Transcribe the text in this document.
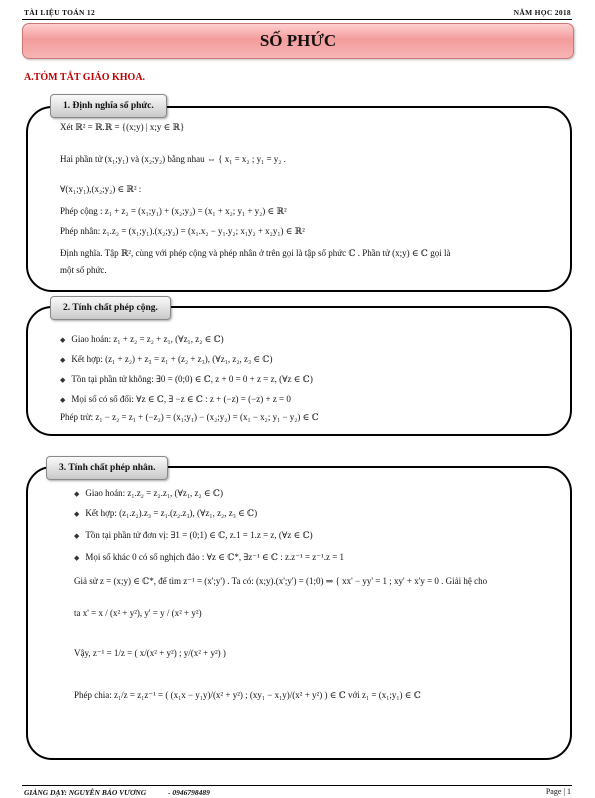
TÀI LIỆU TOÁN 12	NĂM HỌC 2018
SỐ PHỨC
A.TÓM TẮT GIÁO KHOA.
Xét ℝ² = ℝ.ℝ = {(x;y) | x;y ∈ ℝ}
Hai phần tử (x₁;y₁) và (x₂;y₂) bằng nhau ⇔ { x₁ = x₂ ; y₁ = y₂ .
∀(x₁;y₁),(x₂;y₂) ∈ ℝ² :
Phép cộng : z₁ + z₂ = (x₁;y₁) + (x₂;y₂) = (x₁ + x₂; y₁ + y₂) ∈ ℝ²
Phép nhân: z₁.z₂ = (x₁;y₁).(x₂;y₂) = (x₁.x₂ − y₁.y₂; x₁y₂ + x₂y₁) ∈ ℝ²
Định nghĩa. Tập ℝ², cùng với phép cộng và phép nhân ở trên gọi là tập số phức ℂ . Phần tử (x;y) ∈ ℂ gọi là
một số phức.
1. Định nghĩa số phức.
◆ Giao hoán: z₁ + z₂ = z₂ + z₁, (∀z₁, z₂ ∈ ℂ)
◆ Kết hợp: (z₁ + z₂) + z₃ = z₁ + (z₂ + z₃), (∀z₁, z₂, z₃ ∈ ℂ)
◆ Tồn tại phần tử không: ∃0 = (0;0) ∈ ℂ, z + 0 = 0 + z = z, (∀z ∈ ℂ)
◆ Mọi số có số đối: ∀z ∈ ℂ, ∃ −z ∈ ℂ : z + (−z) = (−z) + z = 0
Phép trừ: z₁ − z₂ = z₁ + (−z₂) = (x₁;y₁) − (x₂;y₂) = (x₁ − x₂; y₁ − y₂) ∈ ℂ
2. Tính chất phép cộng.
◆ Giao hoán: z₁.z₂ = z₂.z₁, (∀z₁, z₂ ∈ ℂ)
◆ Kết hợp: (z₁.z₂).z₃ = z₁.(z₂.z₃), (∀z₁, z₂, z₃ ∈ ℂ)
◆ Tồn tại phần tử đơn vị: ∃1 = (0;1) ∈ ℂ, z.1 = 1.z = z, (∀z ∈ ℂ)
◆ Mọi số khác 0 có số nghịch đảo : ∀z ∈ ℂ*, ∃z⁻¹ ∈ ℂ : z.z⁻¹ = z⁻¹.z = 1
Giả sử z = (x;y) ∈ ℂ*, để tìm z⁻¹ = (x';y') . Ta có: (x;y).(x';y') = (1;0) ⇒ { xx' − yy' = 1 ; xy' + x'y = 0 . Giải hệ cho
ta x' = x / (x² + y²), y' = y / (x² + y²)
Vậy, z⁻¹ = 1/z = ( x/(x² + y²) ; y/(x² + y²) )
Phép chia: z₁/z = z₁z⁻¹ = ( (x₁x − y₁y)/(x² + y²) ; (xy₁ − x₁y)/(x² + y²) ) ∈ ℂ với z₁ = (x₁;y₁) ∈ ℂ
3. Tính chất phép nhân.
GIẢNG DẠY: NGUYỄN BẢO VƯƠNG	- 0946798489	Page | 1
